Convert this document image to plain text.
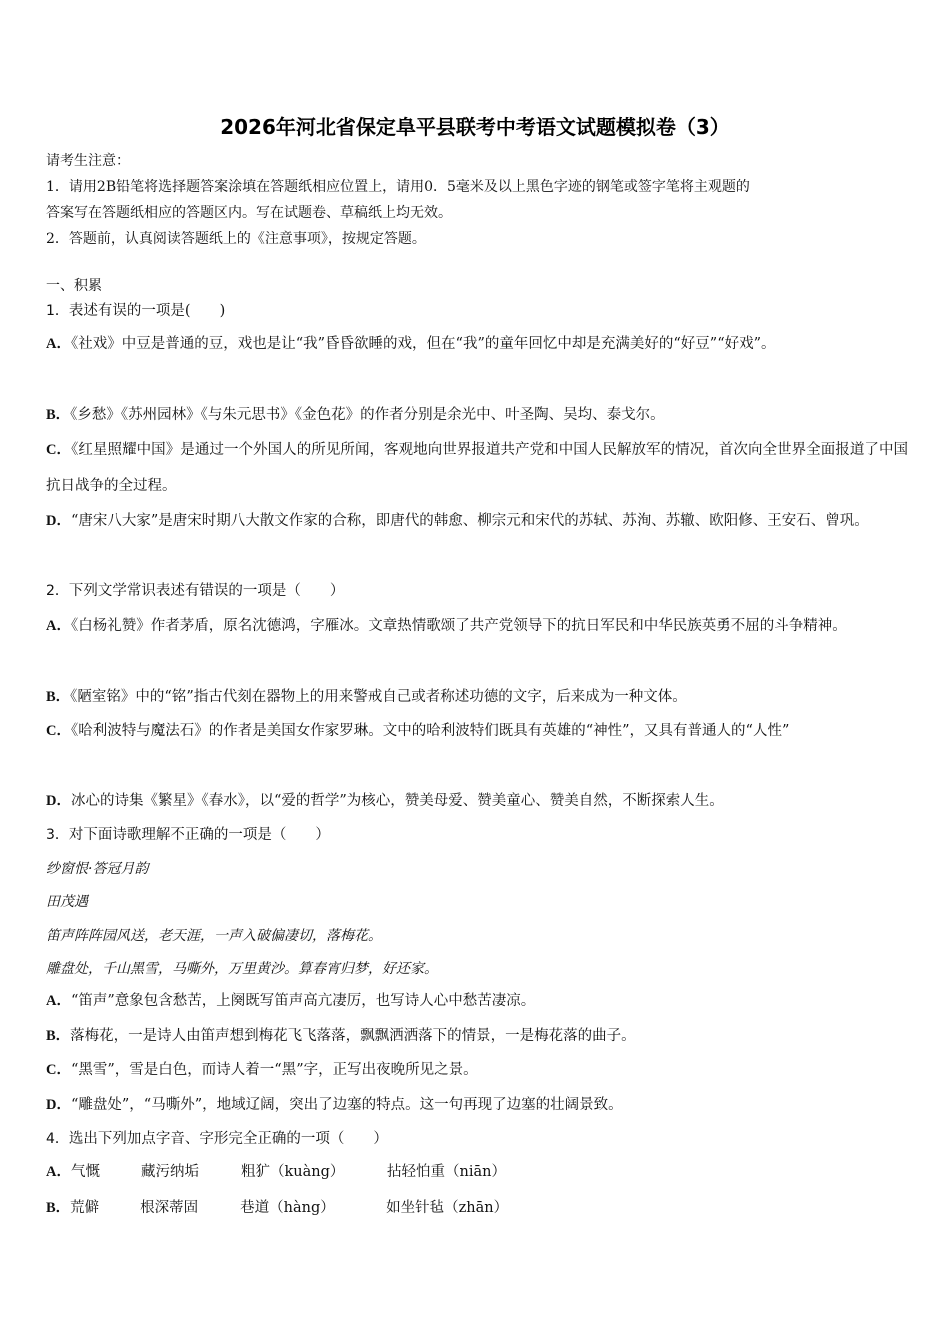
2026年河北省保定阜平县联考中考语文试题模拟卷（3）
请考生注意：
1．请用2B铅笔将选择题答案涂填在答题纸相应位置上，请用0．5毫米及以上黑色字迹的钢笔或签字笔将主观题的
答案写在答题纸相应的答题区内。写在试题卷、草稿纸上均无效。
2．答题前，认真阅读答题纸上的《注意事项》，按规定答题。
一、积累
1．表述有误的一项是(　　)
A．《社戏》中豆是普通的豆，戏也是让“我”昏昏欲睡的戏，但在“我”的童年回忆中却是充满美好的“好豆”“好戏”。
B．《乡愁》《苏州园林》《与朱元思书》《金色花》的作者分别是余光中、叶圣陶、吴均、泰戈尔。
C．《红星照耀中国》是通过一个外国人的所见所闻，客观地向世界报道共产党和中国人民解放军的情况，首次向全世界全面报道了中国抗日战争的全过程。
D．“唐宋八大家”是唐宋时期八大散文作家的合称，即唐代的韩愈、柳宗元和宋代的苏轼、苏洵、苏辙、欧阳修、王安石、曾巩。
2．下列文学常识表述有错误的一项是（　　）
A．《白杨礼赞》作者茅盾，原名沈德鸿，字雁冰。文章热情歌颂了共产党领导下的抗日军民和中华民族英勇不屈的斗争精神。
B．《陋室铭》中的“铭”指古代刻在器物上的用来警戒自己或者称述功德的文字，后来成为一种文体。
C．《哈利波特与魔法石》的作者是美国女作家罗琳。文中的哈利波特们既具有英雄的“神性”，又具有普通人的“人性”
D．冰心的诗集《繁星》《春水》，以“爱的哲学”为核心，赞美母爱、赞美童心、赞美自然，不断探索人生。
3．对下面诗歌理解不正确的一项是（　　）
纱窗恨·答冠月韵
田茂遇
笛声阵阵园风送，老天涯，一声入破偏凄切，落梅花。
雕盘处，千山黑雪，马嘶外，万里黄沙。算春宵归梦，好还家。
A．“笛声”意象包含愁苦，上阕既写笛声高亢凄厉，也写诗人心中愁苦凄凉。
B．落梅花，一是诗人由笛声想到梅花飞飞落落，飘飘洒洒落下的情景，一是梅花落的曲子。
C．“黑雪”，雪是白色，而诗人着一“黑”字，正写出夜晚所见之景。
D．“雕盘处”，“马嘶外”，地域辽阔，突出了边塞的特点。这一句再现了边塞的壮阔景致。
4．选出下列加点字音、字形完全正确的一项（　　）
A．气慨	藏污纳垢	粗犷（kuàng）	拈轻怕重（niān）
B．荒僻	根深蒂固	巷道（hàng）	如坐针毡（zhān）
